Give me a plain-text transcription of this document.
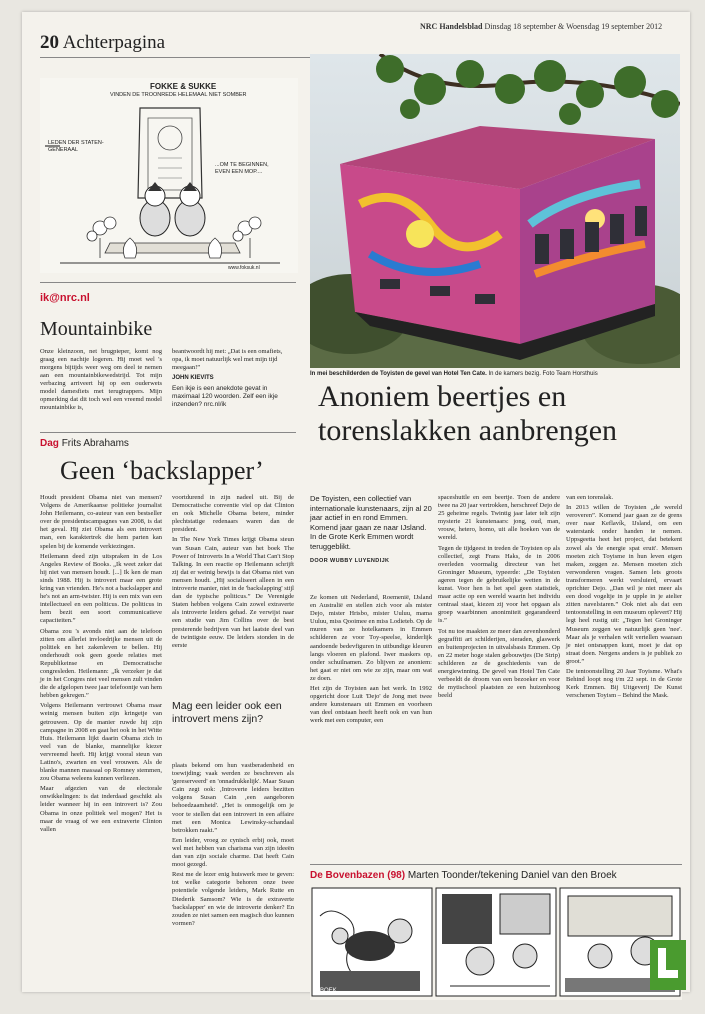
20 Achterpagina
NRC Handelsblad Dinsdag 18 september & Woensdag 19 september 2012
FOKKE & SUKKE
VINDEN DE TROONREDE HELEMAAL NIET SOMBER
LEDEN DER STATEN-GENERAAL
...OM TE BEGINNEN, EVEN EEN MOP....
www.foksuk.nl
ik@nrc.nl
Mountainbike
Onze kleinzoon, net brugpieper, komt nog graag een nachtje logeren. Hij moet wel 's morgens bijtijds weer weg om deel te nemen aan een mountainbikewedstrijd. Tot mijn verbazing arriveert hij op een ouderwets model damesfiets met terugtrappers. Mijn opmerking dat dit toch wel een vreemd model mountainbike is,
beantwoordt hij met: „Dat is een omafiets, opa, ik moet natuurlijk wel met mijn tijd meegaan!”
JOHN KIEVITS
Een ikje is een anekdote gevat in maximaal 120 woorden. Zelf een ikje inzenden? nrc.nl/ik
Dag Frits Abrahams
Geen ‘backslapper’

Houdt president Obama niet van mensen? Volgens de Amerikaanse politieke journalist John Heilemann, co-auteur van een bestseller over de presidentscampagnes van 2008, is dat het geval. Hij ziet Obama als een introvert man, een karaktertrek die hem parten kan spelen bij de komende verkiezingen.

Heilemann deed zijn uitspraken in de Los Angeles Review of Books. „Ik weet zeker dat hij niet van mensen houdt. [...] Ik ken de man sinds 1988. Hij is introvert maar een grote kring van vrienden. He's not a backslapper and he's not an arm-twister. Hij is een mix van een intellectueel en een politicus. De politicus in hem bezit een soort communicatieve capaciteiten.”

Obama zou 's avonds niet aan de telefoon zitten om allerlei invloedrijke mensen uit de politiek en het zakenleven te bellen. Hij onderhoudt ook geen goede relaties met Republikeinse en Democratische congresleden. Heilemann: „Ik verzeker je dat je in het Congres niet veel mensen zult vinden die de afgelopen twee jaar telefoontje van hem hebben gekregen.”

Volgens Heilemann vertrouwt Obama maar weinig mensen buiten zijn kringetje van getrouwen. Op de manier ruwde hij zijn campagne in 2008 en gaat het ook in het Witte Huis. Heilemann lijkt daarin Obama zich in veel van de blanke, mannelijke kiezer vervreemd heeft. Hij krijgt vooral steun van Latino's, zwarten en veel vrouwen. Als de blanke mannen massaal op Romney stemmen, zou Obama weleens kunnen verliezen.

Maar afgezien van de electorale onwikkelingen: is dat inderdaad geschikt als leider wanneer hij in een introvert is? Zou Obama in onze politiek wel mogen? Het is maar de vraag of we een extraverte Clinton vallen

voortdurend in zijn nadeel uit. Bij de Democratische conventie viel op dat Clinton en ook Michelle Obama betere, minder plechtstatige redenaars waren dan de president.

In The New York Times krijgt Obama steun van Susan Cain, auteur van het boek The Power of Introverts In a World That Can't Stop Talking. In een reactie op Heilemann schrijft zij dat er weinig bewijs is dat Obama niet van mensen houdt. „Hij socialiseert alleen in een introverte manier, niet in de 'backslapping' stijl dan de typische politicus.” De Verenigde Staten hebben volgens Cain zowel extraverte als introverte leiders gehad. Ze verwijst naar een studie van Jim Collins over de best presterende bedrijven van het laatste deel van de twintigste eeuw. De leiders stonden in de eerste

Mag een leider ook een introvert mens zijn?

plaats bekend om hun vastberadenheid en toewijding; vaak werden ze beschreven als 'gereserveerd' en 'onnadrukkelijk'. Maar Susan Cain zegt ook: ‚Introverte leiders bezitten volgens Susan Cain ‚een aangeboren behoedzaamheid'. „Het is onmogelijk om je voor te stellen dat een introvert in een affaire met een Monica Lewinsky-schandaal betrokken raakt.”

Een leider, vroeg ze cynisch erbij ook, moet wel met hebben van charisma van zijn ideeën dan van zijn sociale charme. Dat heeft Cain mooi gezegd.

Rest me de lezer enig huiswerk mee te geven: tot welke categorie behoren onze twee potentiele volgende leiders, Mark Rutte en Diederik Samsom? Wie is de extraverte 'backslapper' en wie de introverte denker? En zouden ze niet samen een magisch duo kunnen vormen?

In mei beschilderden de Toyisten de gevel van Hotel Ten Cate. In de kamers bezig. Foto Team Horsthuis
Anoniem beertjes en torenslakken aanbrengen
De Toyisten, een collectief van internationale kunstenaars, zijn al 20 jaar actief in en rond Emmen. Komend jaar gaan ze naar IJsland. In de Grote Kerk Emmen wordt teruggeblikt.
DOOR WUBBY LUYENDIJK

Ze komen uit Nederland, Roemenië, IJsland en Australië en stellen zich voor als mister Dejo, mister Hrisbo, mister Uuluu, mama Uuluu, miss Qooimee en miss Lodieteb. Op de muren van ze hotelkamers in Emmen schilderen ze voor Toy-speelse, kinderlijk aandoende bedevfiguren in uitbundige kleuren langs vloeren en plafond. Iwer maskers op, onder schuilnamen. Zo blijven ze anoniem: het gaat er niet om wie ze zijn, maar om wat ze doen.

Het zijn de Toyisten aan het werk. In 1992 opgericht door Luit 'Dejo' de Jong met twee andere kunstenaars uit Emmen en voorheen van deel ontstaan heeft heeft ook en van hun werk met een computer, een

spaceshuttle en een beertje. Toen de andere twee na 20 jaar vertrokken, herschreef Dejo de 25 geheime regels. Twintig jaar later telt zijn mysterie 21 kunstenaars: jong, oud, man, vrouw, hetero, homo, uit alle hoeken van de wereld.

Tegen de tijdgeest in treden de Toyisten op als collectief, zegt Frans Haks, de in 2006 overleden voormalig directeur van het Groninger Museum, typeerde: „De Toyisten ageren tegen de gebruikelijke wetten in de kunst. Voor hen is het spel geen statistiek, maar actie op een wereld waarin het individu centraal staat, kiezen zij voor het opgaan als groep waarbinnen anonimiteit gegarandeerd is.”

Tot nu toe maakten ze meer dan zevenhonderd gegraffiti art schilderijen, sieraden, glaswerk en buitenprojecten in uitvalsbasis Emmen. Op en 22 meter hoge stalen gebouwtjes (De Strip) schilderen ze de geschiedenis van de energiewinning. De gevel van Hotel Ten Cate verbeeldt de droom van een bezoeker en voor de mytischool plaatsten ze een huizenhoog beeld

van een torenslak.

In 2013 willen de Toyisten „de wereld veroveren”. Komend jaar gaan ze de grens over naar Keflavík, IJsland, om een waterstank onder handen te nemen. Uppsgeetta heet het project, dat betekent zowel als 'de energie spat eruit'. Mensen moeten zich Toyisme in hun leven eigen maken, zeggen ze. Mensen moeten zich verwonderen vragen. Samen lets groots transformeren werkt versluierd, ervaart oprichter Dejo. „Dan wil je niet meer als een dood vogeltje in je upple in je atelier zitten navelstaren.” Ook niet als dat een tentoonstelling in een museum oplevert? Hij legt heel rustig uit: „Tegen het Groninger Museum zeggen we natuurlijk geen 'nee'. Maar als je verhalen wilt vertellen waaraan je niet ontsnappen kunt, moet je dat op straat doen. Nergens anders is je publiek zo groot.”

De tentoonstelling 20 Jaar Toyisme. What's Behind loopt nog t/m 22 sept. in de Grote Kerk Emmen. Bij Uitgeverij De Kunst verschenen Toyism – Behind the Mask.

De Bovenbazen (98) Marten Toonder/tekening Daniel van den Broek
BOEK
